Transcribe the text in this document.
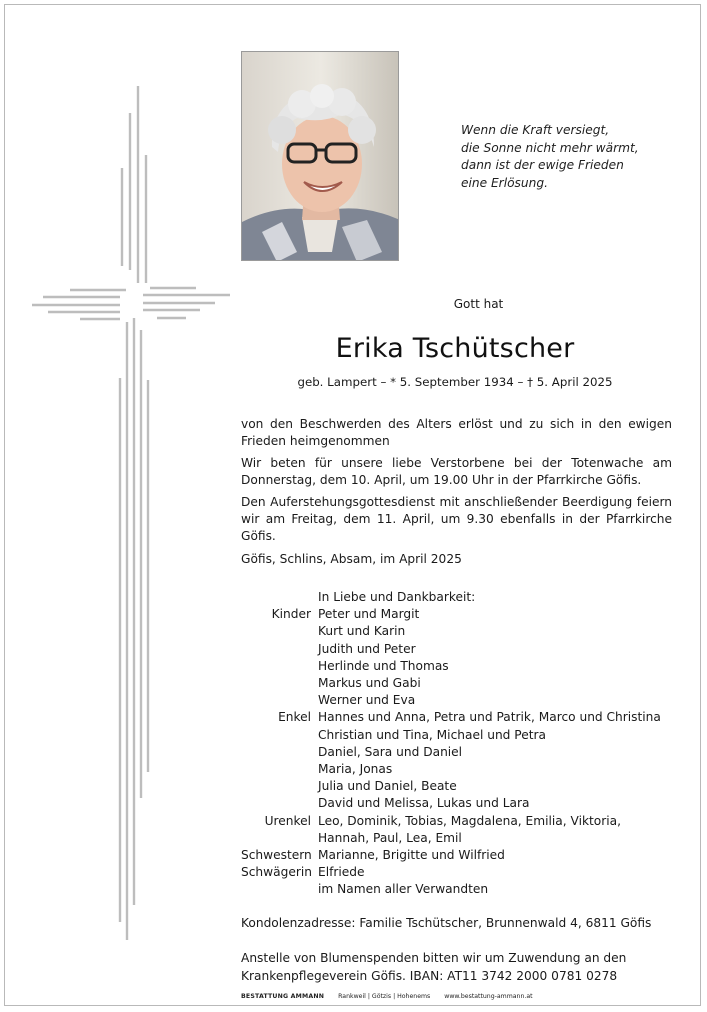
Wenn die Kraft versiegt,
die Sonne nicht mehr wärmt,
dann ist der ewige Frieden
eine Erlösung.
Gott hat
Erika Tschütscher
geb. Lampert – * 5. September 1934 – † 5. April 2025

von den Beschwerden des Alters erlöst und zu sich in den ewigen Frieden heimgenommen

Wir beten für unsere liebe Verstorbene bei der Totenwache am Donnerstag, dem 10. April, um 19.00 Uhr in der Pfarrkirche Göfis.

Den Auferstehungsgottesdienst mit anschließender Beerdigung feiern wir am Freitag, dem 11. April, um 9.30 ebenfalls in der Pfarrkirche Göfis.

Göfis, Schlins, Absam, im April 2025
In Liebe und Dankbarkeit:
Kinder Peter und Margit
Kurt und Karin
Judith und Peter
Herlinde und Thomas
Markus und Gabi
Werner und Eva
Enkel Hannes und Anna, Petra und Patrik, Marco und Christina
Christian und Tina, Michael und Petra
Daniel, Sara und Daniel
Maria, Jonas
Julia und Daniel, Beate
David und Melissa, Lukas und Lara
Urenkel Leo, Dominik, Tobias, Magdalena, Emilia, Viktoria,
Hannah, Paul, Lea, Emil
Schwestern Marianne, Brigitte und Wilfried
Schwägerin Elfriede
im Namen aller Verwandten
Kondolenzadresse: Familie Tschütscher, Brunnenwald 4, 6811 Göfis
Anstelle von Blumenspenden bitten wir um Zuwendung an den
Krankenpflegeverein Göfis. IBAN: AT11 3742 2000 0781 0278
BESTATTUNG AMMANN Rankweil | Götzis | Hohenems www.bestattung-ammann.at
